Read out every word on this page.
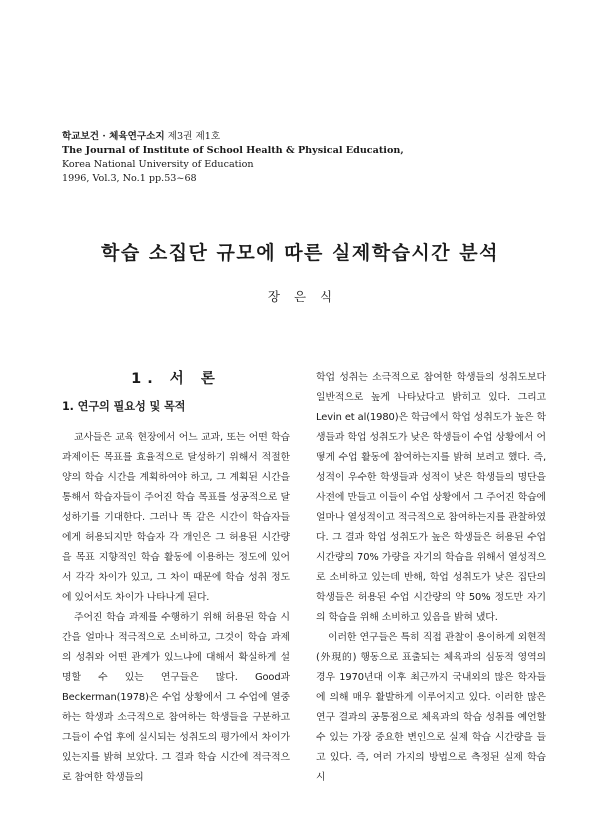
학교보건 · 체육연구소지 제3권 제1호
The Journal of Institute of School Health & Physical Education,
Korea National University of Education
1996, Vol.3, No.1 pp.53~68
학습 소집단 규모에 따른 실제학습시간 분석
장은식
1. 서 론
1. 연구의 필요성 및 목적

교사들은 교육 현장에서 어느 교과, 또는 어떤 학습 과제이든 목표를 효율적으로 달성하기 위해서 적절한 양의 학습 시간을 계획하여야 하고, 그 계획된 시간을 통해서 학습자들이 주어진 학습 목표를 성공적으로 달성하기를 기대한다. 그러나 똑 같은 시간이 학습자들에게 허용되지만 학습자 각 개인은 그 허용된 시간량을 목표 지향적인 학습 활동에 이용하는 정도에 있어서 각각 차이가 있고, 그 차이 때문에 학습 성취 정도에 있어서도 차이가 나타나게 된다.

주어진 학습 과제를 수행하기 위해 허용된 학습 시간을 얼마나 적극적으로 소비하고, 그것이 학습 과제의 성취와 어떤 관계가 있느냐에 대해서 확실하게 설명할 수 있는 연구들은 많다. Good과 Beckerman(1978)은 수업 상황에서 그 수업에 열중하는 학생과 소극적으로 참여하는 학생들을 구분하고 그들이 수업 후에 실시되는 성취도의 평가에서 차이가 있는지를 밝혀 보았다. 그 결과 학습 시간에 적극적으로 참여한 학생들의

학업 성취는 소극적으로 참여한 학생들의 성취도보다 일반적으로 높게 나타났다고 밝히고 있다. 그리고 Levin et al(1980)은 학급에서 학업 성취도가 높은 학생들과 학업 성취도가 낮은 학생들이 수업 상황에서 어떻게 수업 활동에 참여하는지를 밝혀 보려고 했다. 즉, 성적이 우수한 학생들과 성적이 낮은 학생들의 명단을 사전에 만들고 이들이 수업 상황에서 그 주어진 학습에 얼마나 열성적이고 적극적으로 참여하는지를 관찰하였다. 그 결과 학업 성취도가 높은 학생들은 허용된 수업 시간량의 70% 가량을 자기의 학습을 위해서 열성적으로 소비하고 있는데 반해, 학업 성취도가 낮은 집단의 학생들은 허용된 수업 시간량의 약 50% 정도만 자기의 학습을 위해 소비하고 있음을 밝혀 냈다.

이러한 연구들은 특히 직접 관찰이 용이하게 외현적(外現的) 행동으로 표출되는 체육과의 심동적 영역의 경우 1970년대 이후 최근까지 국내외의 많은 학자들에 의해 매우 활발하게 이루어지고 있다. 이러한 많은 연구 결과의 공통점으로 체육과의 학습 성취를 예언할 수 있는 가장 중요한 변인으로 실제 학습 시간량을 들고 있다. 즉, 여러 가지의 방법으로 측정된 실제 학습 시
